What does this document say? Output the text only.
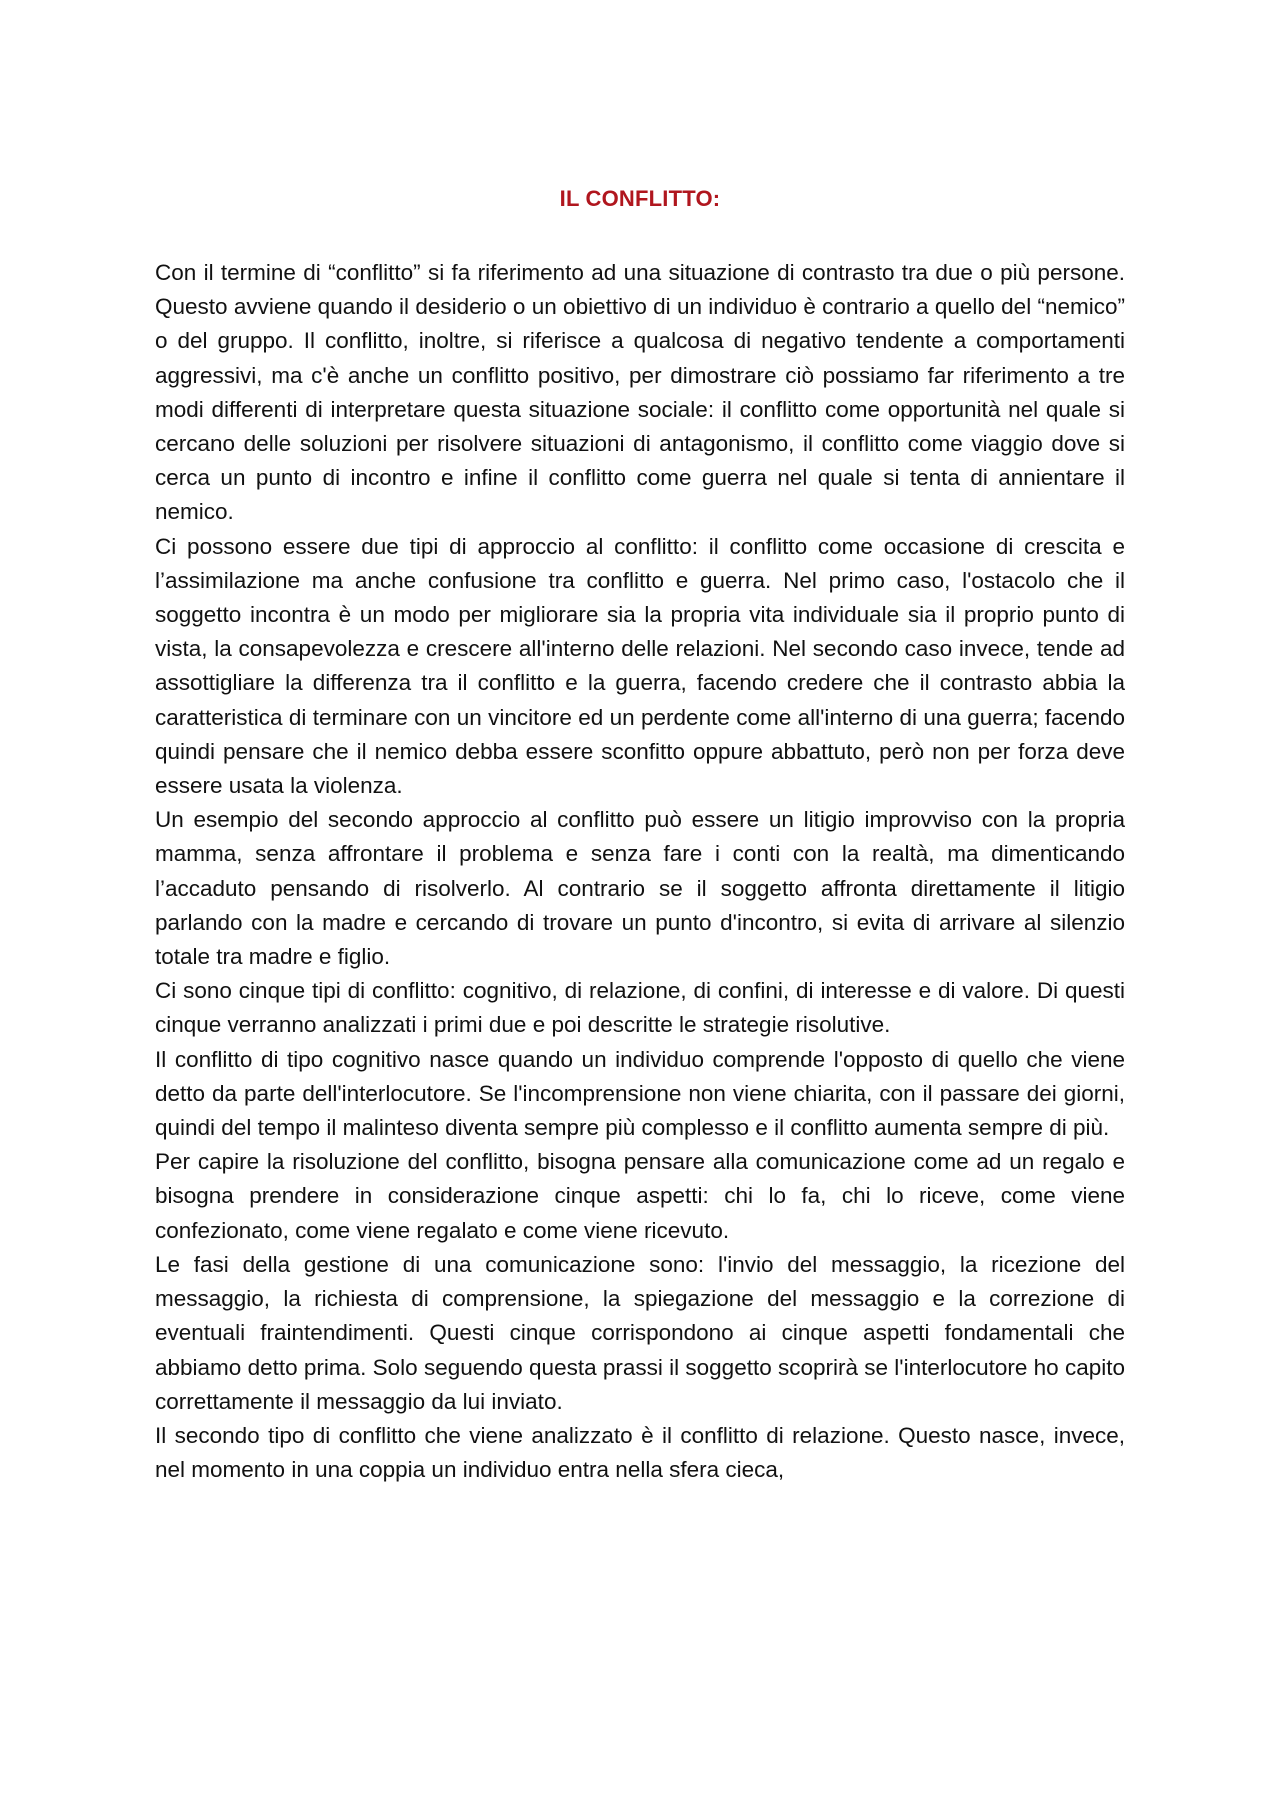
IL CONFLITTO:

Con il termine di “conflitto” si fa riferimento ad una situazione di contrasto tra due o più persone. Questo avviene quando il desiderio o un obiettivo di un individuo è contrario a quello del “nemico” o del gruppo. Il conflitto, inoltre, si riferisce a qualcosa di negativo tendente a comportamenti aggressivi, ma c'è anche un conflitto positivo, per dimostrare ciò possiamo far riferimento a tre modi differenti di interpretare questa situazione sociale: il conflitto come opportunità nel quale si cercano delle soluzioni per risolvere situazioni di antagonismo, il conflitto come viaggio dove si cerca un punto di incontro e infine il conflitto come guerra nel quale si tenta di annientare il nemico.

Ci possono essere due tipi di approccio al conflitto: il conflitto come occasione di crescita e l’assimilazione ma anche confusione tra conflitto e guerra. Nel primo caso, l'ostacolo che il soggetto incontra è un modo per migliorare sia la propria vita individuale sia il proprio punto di vista, la consapevolezza e crescere all'interno delle relazioni. Nel secondo caso invece, tende ad assottigliare la differenza tra il conflitto e la guerra, facendo credere che il contrasto abbia la caratteristica di terminare con un vincitore ed un perdente come all'interno di una guerra; facendo quindi pensare che il nemico debba essere sconfitto oppure abbattuto, però non per forza deve essere usata la violenza.

Un esempio del secondo approccio al conflitto può essere un litigio improvviso con la propria mamma, senza affrontare il problema e senza fare i conti con la realtà, ma dimenticando l’accaduto pensando di risolverlo. Al contrario se il soggetto affronta direttamente il litigio parlando con la madre e cercando di trovare un punto d'incontro, si evita di arrivare al silenzio totale tra madre e figlio.

Ci sono cinque tipi di conflitto: cognitivo, di relazione, di confini, di interesse e di valore. Di questi cinque verranno analizzati i primi due e poi descritte le strategie risolutive.

Il conflitto di tipo cognitivo nasce quando un individuo comprende l'opposto di quello che viene detto da parte dell'interlocutore. Se l'incomprensione non viene chiarita, con il passare dei giorni, quindi del tempo il malinteso diventa sempre più complesso e il conflitto aumenta sempre di più.

Per capire la risoluzione del conflitto, bisogna pensare alla comunicazione come ad un regalo e bisogna prendere in considerazione cinque aspetti: chi lo fa, chi lo riceve, come viene confezionato, come viene regalato e come viene ricevuto.

Le fasi della gestione di una comunicazione sono: l'invio del messaggio, la ricezione del messaggio, la richiesta di comprensione, la spiegazione del messaggio e la correzione di eventuali fraintendimenti. Questi cinque corrispondono ai cinque aspetti fondamentali che abbiamo detto prima. Solo seguendo questa prassi il soggetto scoprirà se l'interlocutore ho capito correttamente il messaggio da lui inviato.

Il secondo tipo di conflitto che viene analizzato è il conflitto di relazione. Questo nasce, invece, nel momento in una coppia un individuo entra nella sfera cieca,
